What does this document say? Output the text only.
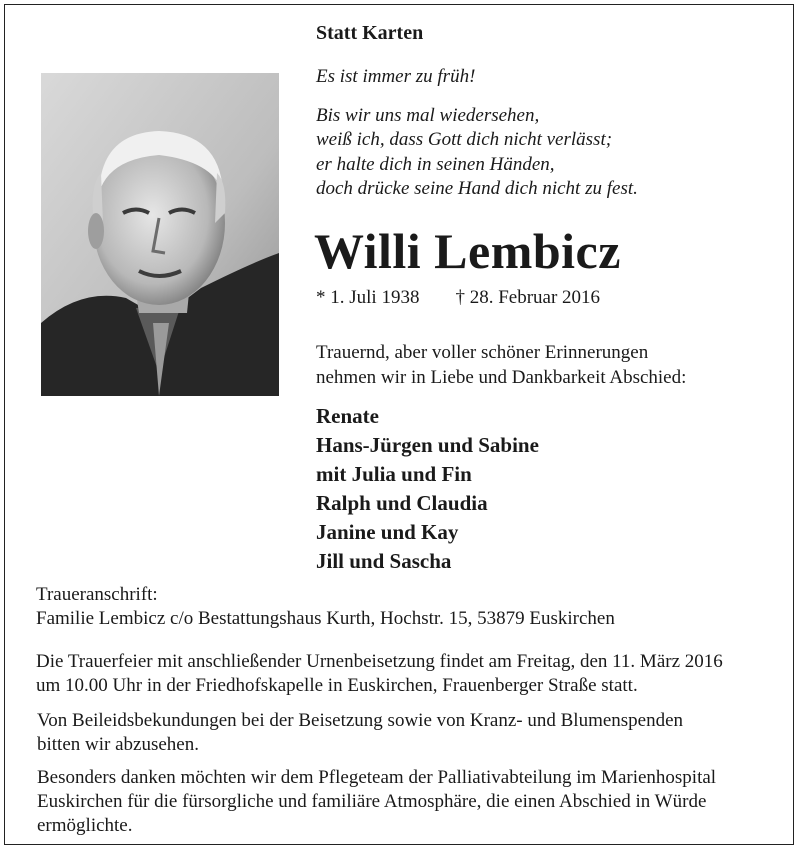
Statt Karten
Es ist immer zu früh!
Bis wir uns mal wiedersehen,
weiß ich, dass Gott dich nicht verlässt;
er halte dich in seinen Händen,
doch drücke seine Hand dich nicht zu fest.
Willi Lembicz
* 1. Juli 1938 † 28. Februar 2016
Trauernd, aber voller schöner Erinnerungen
nehmen wir in Liebe und Dankbarkeit Abschied:
Renate
Hans-Jürgen und Sabine
mit Julia und Fin
Ralph und Claudia
Janine und Kay
Jill und Sascha
Traueranschrift:
Familie Lembicz c/o Bestattungshaus Kurth, Hochstr. 15, 53879 Euskirchen
Die Trauerfeier mit anschließender Urnenbeisetzung findet am Freitag, den 11. März 2016
um 10.00 Uhr in der Friedhofskapelle in Euskirchen, Frauenberger Straße statt.
Von Beileidsbekundungen bei der Beisetzung sowie von Kranz- und Blumenspenden
bitten wir abzusehen.
Besonders danken möchten wir dem Pflegeteam der Palliativabteilung im Marienhospital
Euskirchen für die fürsorgliche und familiäre Atmosphäre, die einen Abschied in Würde
ermöglichte.
